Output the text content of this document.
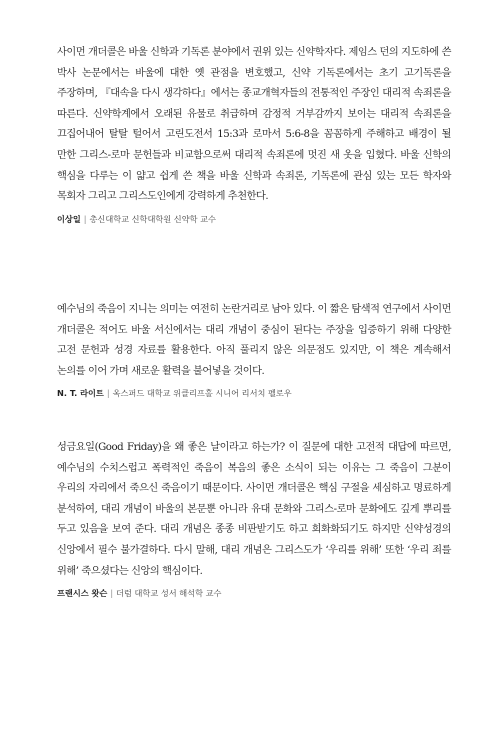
사이먼 개더콜은 바울 신학과 기독론 분야에서 권위 있는 신약학자다. 제임스 던의 지도하에 쓴 박사 논문에서는 바울에 대한 옛 관점을 변호했고, 신약 기독론에서는 초기 고기독론을 주장하며, 『대속을 다시 생각하다』에서는 종교개혁자들의 전통적인 주장인 대리적 속죄론을 따른다. 신약학계에서 오래된 유물로 취급하며 감정적 거부감까지 보이는 대리적 속죄론을 끄집어내어 탈탈 털어서 고린도전서 15:3과 로마서 5:6-8을 꼼꼼하게 주해하고 배경이 될 만한 그리스-로마 문헌들과 비교함으로써 대리적 속죄론에 멋진 새 옷을 입혔다. 바울 신학의 핵심을 다루는 이 얇고 쉽게 쓴 책을 바울 신학과 속죄론, 기독론에 관심 있는 모든 학자와 목회자 그리고 그리스도인에게 강력하게 추천한다.

이상일 | 총신대학교 신학대학원 신약학 교수

예수님의 죽음이 지니는 의미는 여전히 논란거리로 남아 있다. 이 짧은 탐색적 연구에서 사이먼 개더콜은 적어도 바울 서신에서는 대리 개념이 중심이 된다는 주장을 입증하기 위해 다양한 고전 문헌과 성경 자료를 활용한다. 아직 풀리지 않은 의문점도 있지만, 이 책은 계속해서 논의를 이어 가며 새로운 활력을 불어넣을 것이다.

N. T. 라이트 | 옥스퍼드 대학교 위클리프홀 시니어 리서치 펠로우

성금요일(Good Friday)을 왜 좋은 날이라고 하는가? 이 질문에 대한 고전적 대답에 따르면, 예수님의 수치스럽고 폭력적인 죽음이 복음의 좋은 소식이 되는 이유는 그 죽음이 그분이 우리의 자리에서 죽으신 죽음이기 때문이다. 사이먼 개더콜은 핵심 구절을 세심하고 명료하게 분석하여, 대리 개념이 바울의 본문뿐 아니라 유대 문화와 그리스-로마 문화에도 깊게 뿌리를 두고 있음을 보여 준다. 대리 개념은 종종 비판받기도 하고 희화화되기도 하지만 신약성경의 신앙에서 필수 불가결하다. 다시 말해, 대리 개념은 그리스도가 ‘우리를 위해’ 또한 ‘우리 죄를 위해’ 죽으셨다는 신앙의 핵심이다.

프랜시스 왓슨 | 더럼 대학교 성서 해석학 교수
